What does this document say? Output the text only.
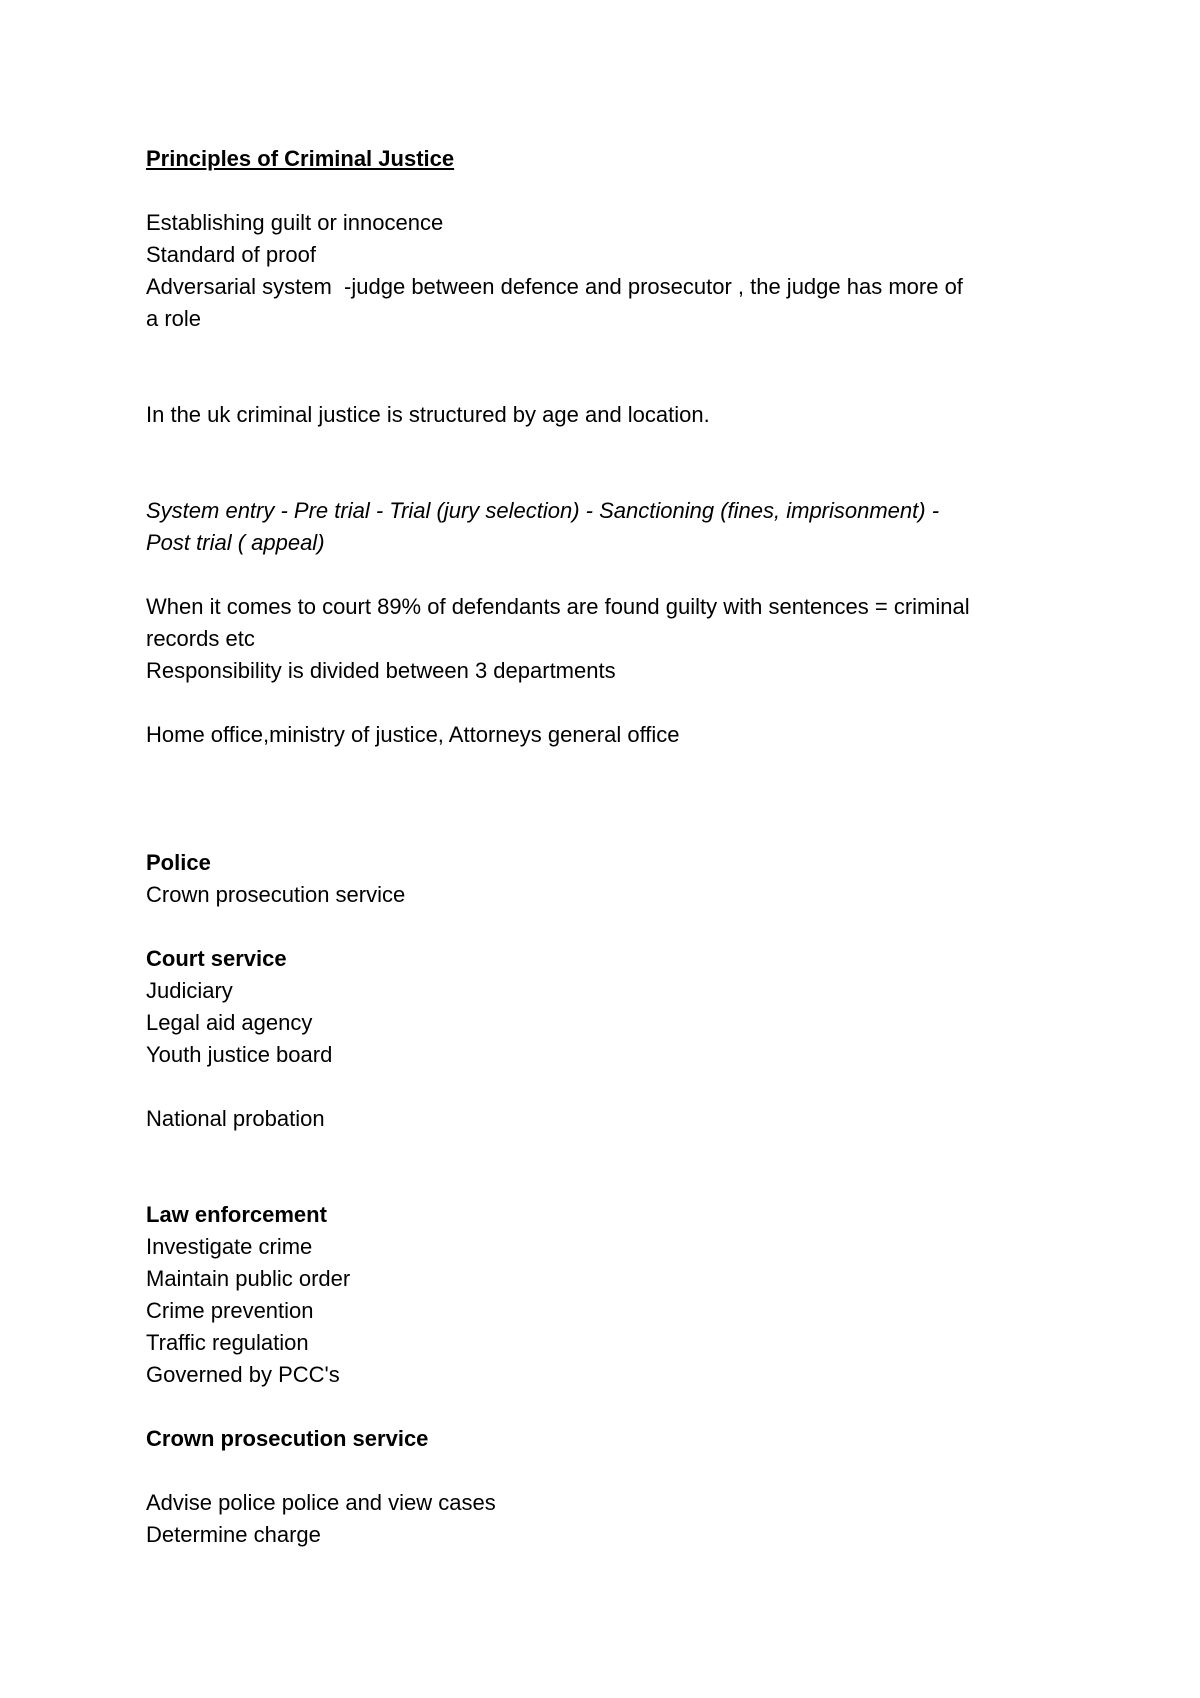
Principles of Criminal Justice
Establishing guilt or innocence
Standard of proof
Adversarial system  -judge between defence and prosecutor , the judge has more of
a role
In the uk criminal justice is structured by age and location.
System entry - Pre trial - Trial (jury selection) - Sanctioning (fines, imprisonment) -
Post trial ( appeal)
When it comes to court 89% of defendants are found guilty with sentences = criminal
records etc
Responsibility is divided between 3 departments
Home office,ministry of justice, Attorneys general office
Police
Crown prosecution service
Court service
Judiciary
Legal aid agency
Youth justice board
National probation
Law enforcement
Investigate crime
Maintain public order
Crime prevention
Traffic regulation
Governed by PCC's
Crown prosecution service
Advise police police and view cases
Determine charge
